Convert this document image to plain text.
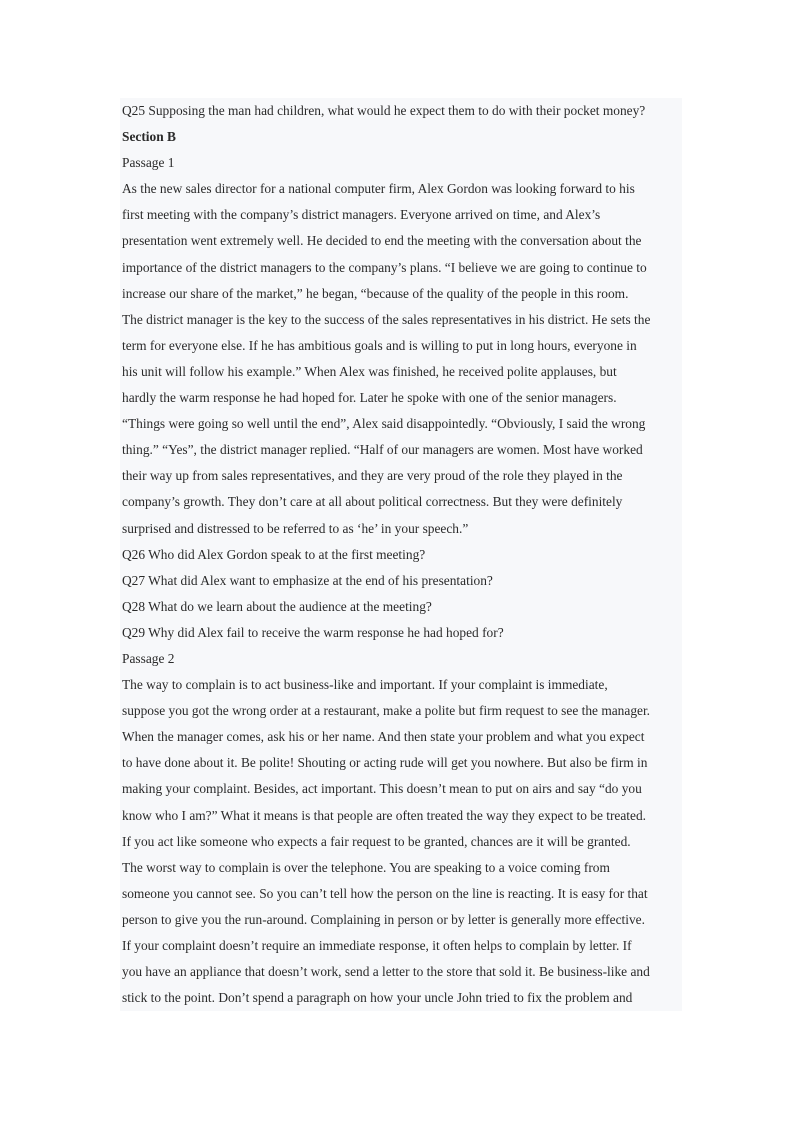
Q25 Supposing the man had children, what would he expect them to do with their pocket money?
Section B
Passage 1
As the new sales director for a national computer firm, Alex Gordon was looking forward to his
first meeting with the company’s district managers. Everyone arrived on time, and Alex’s
presentation went extremely well. He decided to end the meeting with the conversation about the
importance of the district managers to the company’s plans. “I believe we are going to continue to
increase our share of the market,” he began, “because of the quality of the people in this room.
The district manager is the key to the success of the sales representatives in his district. He sets the
term for everyone else. If he has ambitious goals and is willing to put in long hours, everyone in
his unit will follow his example.” When Alex was finished, he received polite applauses, but
hardly the warm response he had hoped for. Later he spoke with one of the senior managers.
“Things were going so well until the end”, Alex said disappointedly. “Obviously, I said the wrong
thing.” “Yes”, the district manager replied. “Half of our managers are women. Most have worked
their way up from sales representatives, and they are very proud of the role they played in the
company’s growth. They don’t care at all about political correctness. But they were definitely
surprised and distressed to be referred to as ‘he’ in your speech.”
Q26 Who did Alex Gordon speak to at the first meeting?
Q27 What did Alex want to emphasize at the end of his presentation?
Q28 What do we learn about the audience at the meeting?
Q29 Why did Alex fail to receive the warm response he had hoped for?
Passage 2
The way to complain is to act business-like and important. If your complaint is immediate,
suppose you got the wrong order at a restaurant, make a polite but firm request to see the manager.
When the manager comes, ask his or her name. And then state your problem and what you expect
to have done about it. Be polite! Shouting or acting rude will get you nowhere. But also be firm in
making your complaint. Besides, act important. This doesn’t mean to put on airs and say “do you
know who I am?” What it means is that people are often treated the way they expect to be treated.
If you act like someone who expects a fair request to be granted, chances are it will be granted.
The worst way to complain is over the telephone. You are speaking to a voice coming from
someone you cannot see. So you can’t tell how the person on the line is reacting. It is easy for that
person to give you the run-around. Complaining in person or by letter is generally more effective.
If your complaint doesn’t require an immediate response, it often helps to complain by letter. If
you have an appliance that doesn’t work, send a letter to the store that sold it. Be business-like and
stick to the point. Don’t spend a paragraph on how your uncle John tried to fix the problem and
